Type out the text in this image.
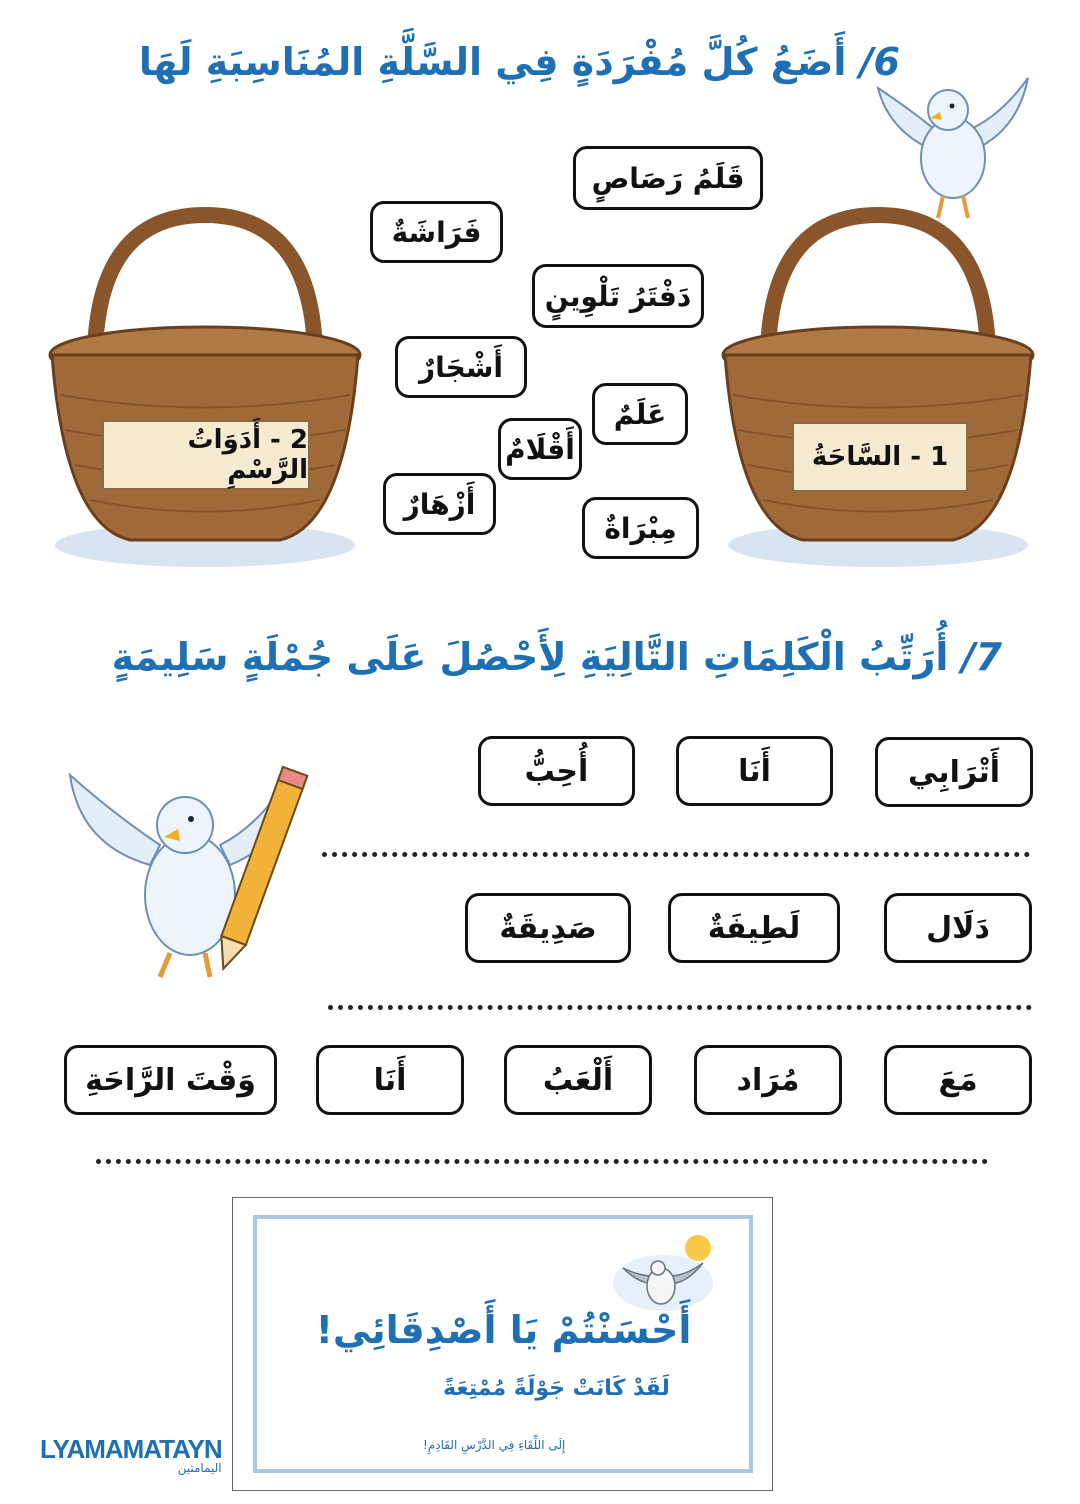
6/ أَضَعُ كُلَّ مُفْرَدَةٍ فِي السَّلَّةِ المُنَاسِبَةِ لَهَا
2 - أَدَوَاتُ الرَّسْمِ	1 - السَّاحَةُ
قَلَمُ رَصَاصٍ
فَرَاشَةٌ
دَفْتَرُ تَلْوِينٍ
أَشْجَارٌ
عَلَمٌ
أَقْلَامٌ
أَزْهَارٌ
مِبْرَاةٌ
7/ أُرَتِّبُ الْكَلِمَاتِ التَّالِيَةِ لِأَحْصُلَ عَلَى جُمْلَةٍ سَلِيمَةٍ
أَتْرَابِي
أَنَا
أُحِبُّ
دَلَال
لَطِيفَةٌ
صَدِيقَةٌ
مَعَ
مُرَاد
أَلْعَبُ
أَنَا
وَقْتَ الرَّاحَةِ
أَحْسَنْتُمْ يَا أَصْدِقَائِي!
لَقَدْ كَانَتْ جَوْلَةً مُمْتِعَةً
إِلَى اللِّقَاءِ فِي الدَّرْسِ القَادِمِ!
LYAMAMATAYN
اليمامتين
